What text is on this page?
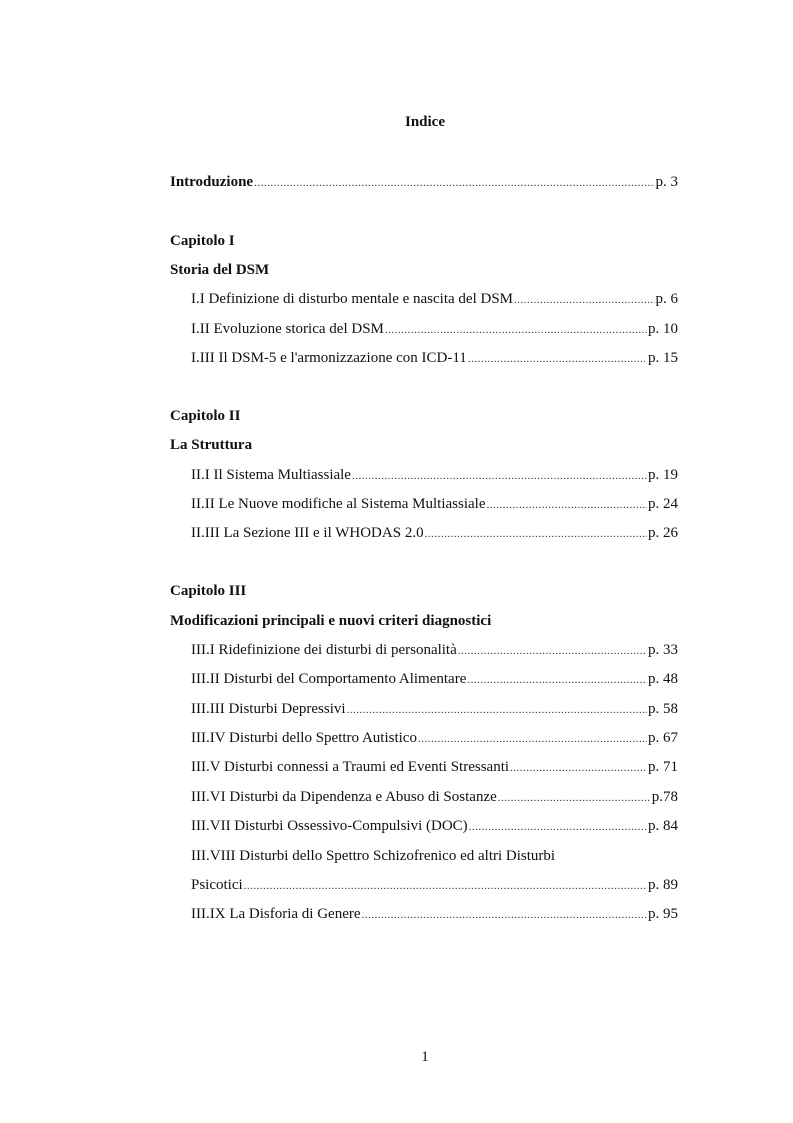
Indice
Introduzione .....	p. 3
Capitolo I
Storia del DSM
I.I Definizione di disturbo mentale e nascita del DSM .....	p. 6
I.II Evoluzione storica del DSM .....	p. 10
I.III Il DSM-5 e l'armonizzazione con ICD-11 .....	p. 15
Capitolo II
La Struttura
II.I Il Sistema Multiassiale .....	p. 19
II.II Le Nuove modifiche al Sistema Multiassiale .....	p. 24
II.III La Sezione III e il WHODAS 2.0 .....	p. 26
Capitolo III
Modificazioni principali e nuovi criteri diagnostici
III.I Ridefinizione dei disturbi di personalità .....	p. 33
III.II Disturbi del Comportamento Alimentare .....	p. 48
III.III Disturbi Depressivi .....	p. 58
III.IV Disturbi dello Spettro Autistico .....	p. 67
III.V Disturbi connessi a Traumi ed Eventi Stressanti .....	p. 71
III.VI Disturbi da Dipendenza e Abuso di Sostanze .....	p.78
III.VII Disturbi Ossessivo-Compulsivi (DOC) .....	p. 84
III.VIII Disturbi dello Spettro Schizofrenico ed altri Disturbi
Psicotici .....	p. 89
III.IX La Disforia di Genere .....	p. 95
1
